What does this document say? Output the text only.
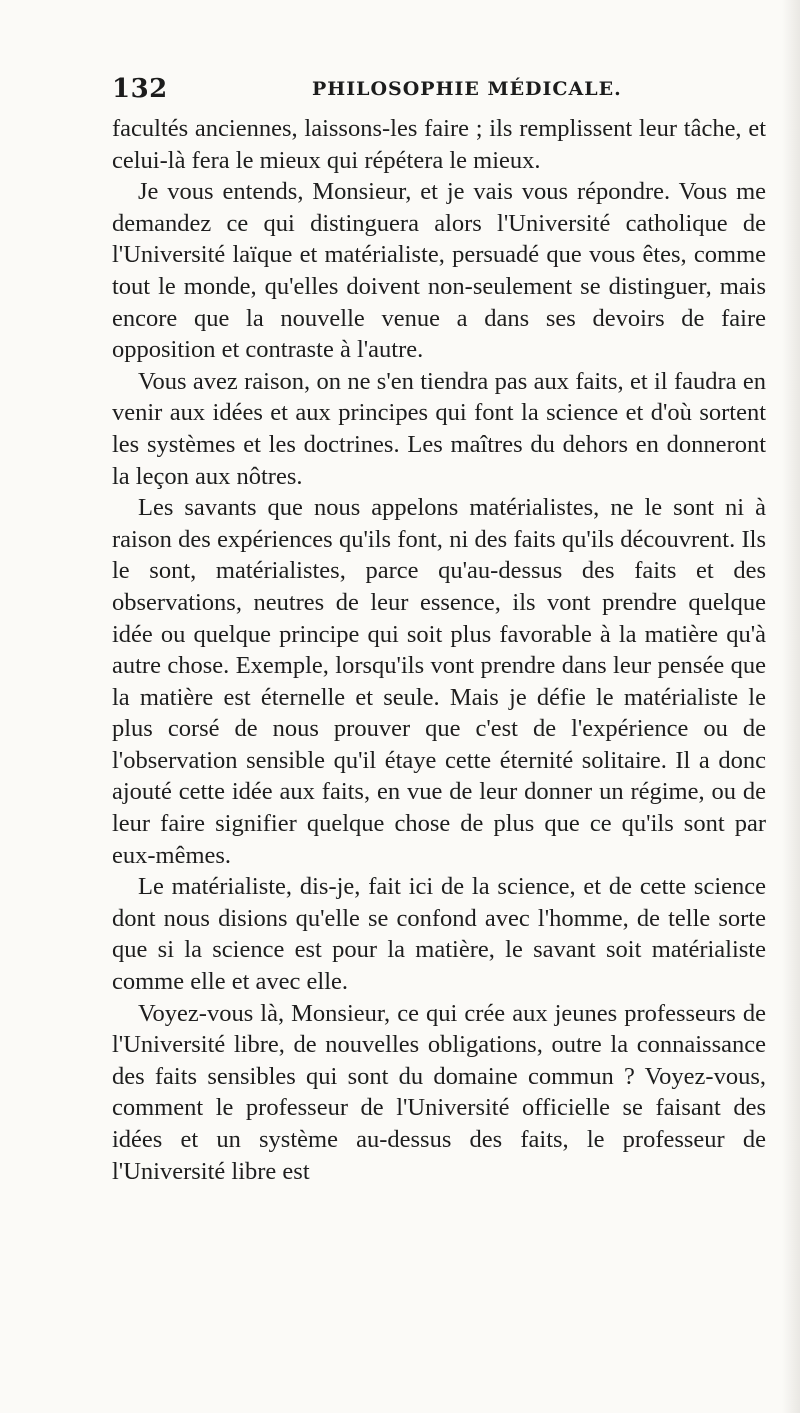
132	PHILOSOPHIE MÉDICALE.

facultés anciennes, laissons-les faire ; ils remplissent leur tâche, et celui-là fera le mieux qui répétera le mieux.

Je vous entends, Monsieur, et je vais vous répondre. Vous me demandez ce qui distinguera alors l'Université catholique de l'Université laïque et matérialiste, persuadé que vous êtes, comme tout le monde, qu'elles doivent non-seulement se distinguer, mais encore que la nouvelle venue a dans ses devoirs de faire opposition et contraste à l'autre.

Vous avez raison, on ne s'en tiendra pas aux faits, et il faudra en venir aux idées et aux principes qui font la science et d'où sortent les systèmes et les doctrines. Les maîtres du dehors en donneront la leçon aux nôtres.

Les savants que nous appelons matérialistes, ne le sont ni à raison des expériences qu'ils font, ni des faits qu'ils découvrent. Ils le sont, matérialistes, parce qu'au-dessus des faits et des observations, neutres de leur essence, ils vont prendre quelque idée ou quelque principe qui soit plus favorable à la matière qu'à autre chose. Exemple, lorsqu'ils vont prendre dans leur pensée que la matière est éternelle et seule. Mais je défie le matérialiste le plus corsé de nous prouver que c'est de l'expérience ou de l'observation sensible qu'il étaye cette éternité solitaire. Il a donc ajouté cette idée aux faits, en vue de leur donner un régime, ou de leur faire signifier quelque chose de plus que ce qu'ils sont par eux-mêmes.

Le matérialiste, dis-je, fait ici de la science, et de cette science dont nous disions qu'elle se confond avec l'homme, de telle sorte que si la science est pour la matière, le savant soit matérialiste comme elle et avec elle.

Voyez-vous là, Monsieur, ce qui crée aux jeunes professeurs de l'Université libre, de nouvelles obligations, outre la connaissance des faits sensibles qui sont du domaine commun ? Voyez-vous, comment le professeur de l'Université officielle se faisant des idées et un système au-dessus des faits, le professeur de l'Université libre est
